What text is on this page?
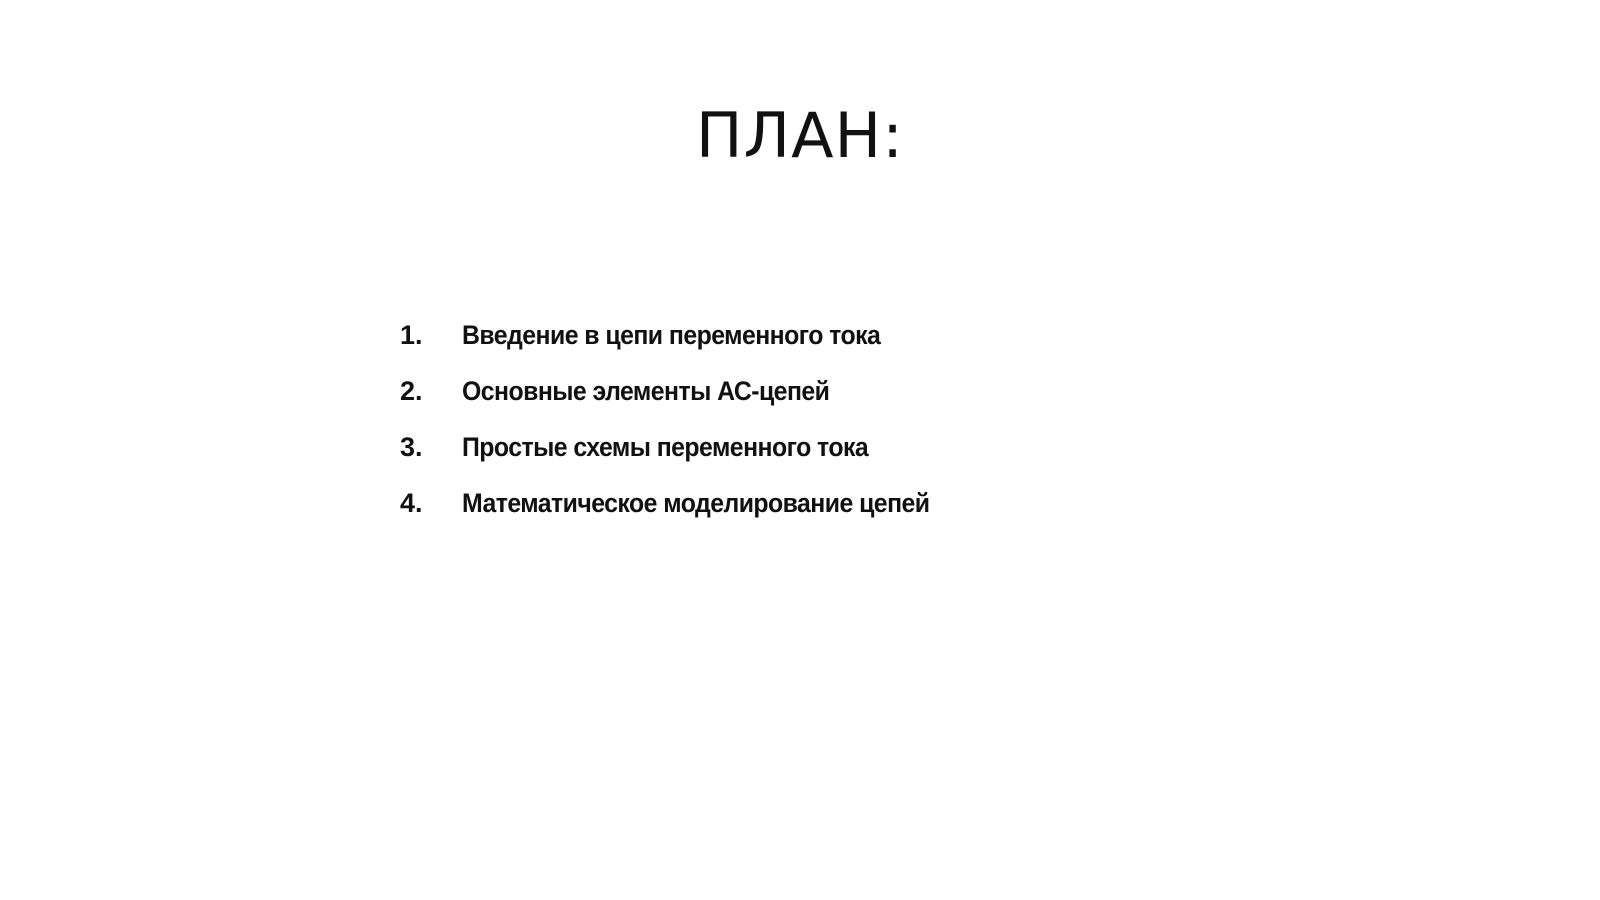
ПЛАН:
1.	Введение в цепи переменного тока
2.	Основные элементы АС-цепей
3.	Простые схемы переменного тока
4.	Математическое моделирование цепей
